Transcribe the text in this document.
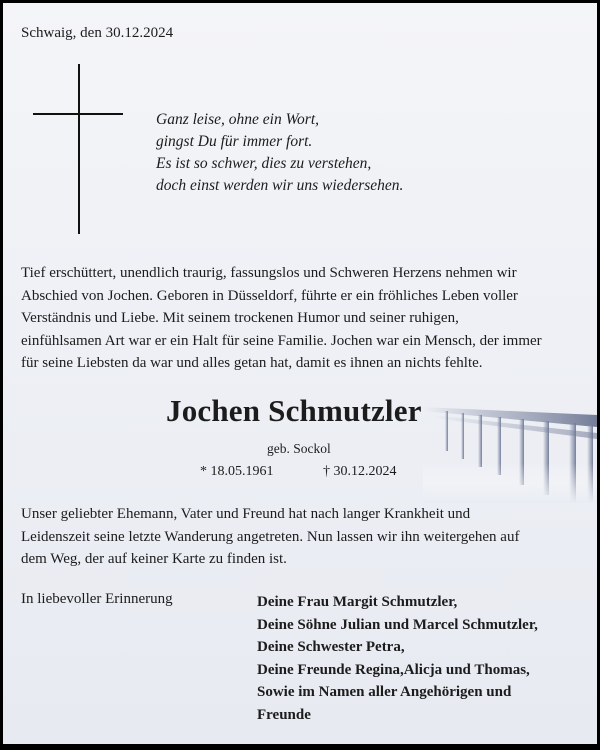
Schwaig, den 30.12.2024
Ganz leise, ohne ein Wort,
gingst Du für immer fort.
Es ist so schwer, dies zu verstehen,
doch einst werden wir uns wiedersehen.
Tief erschüttert, unendlich traurig, fassungslos und Schweren Herzens nehmen wir
Abschied von Jochen. Geboren in Düsseldorf, führte er ein fröhliches Leben voller
Verständnis und Liebe. Mit seinem trockenen Humor und seiner ruhigen,
einfühlsamen Art war er ein Halt für seine Familie. Jochen war ein Mensch, der immer
für seine Liebsten da war und alles getan hat, damit es ihnen an nichts fehlte.
Jochen Schmutzler
geb. Sockol
* 18.05.1961	† 30.12.2024
Unser geliebter Ehemann, Vater und Freund hat nach langer Krankheit und
Leidenszeit seine letzte Wanderung angetreten. Nun lassen wir ihn weitergehen auf
dem Weg, der auf keiner Karte zu finden ist.
In liebevoller Erinnerung	Deine Frau Margit Schmutzler,
Deine Söhne Julian und Marcel Schmutzler,
Deine Schwester Petra,
Deine Freunde Regina,Alicja und Thomas,
Sowie im Namen aller Angehörigen und
Freunde
